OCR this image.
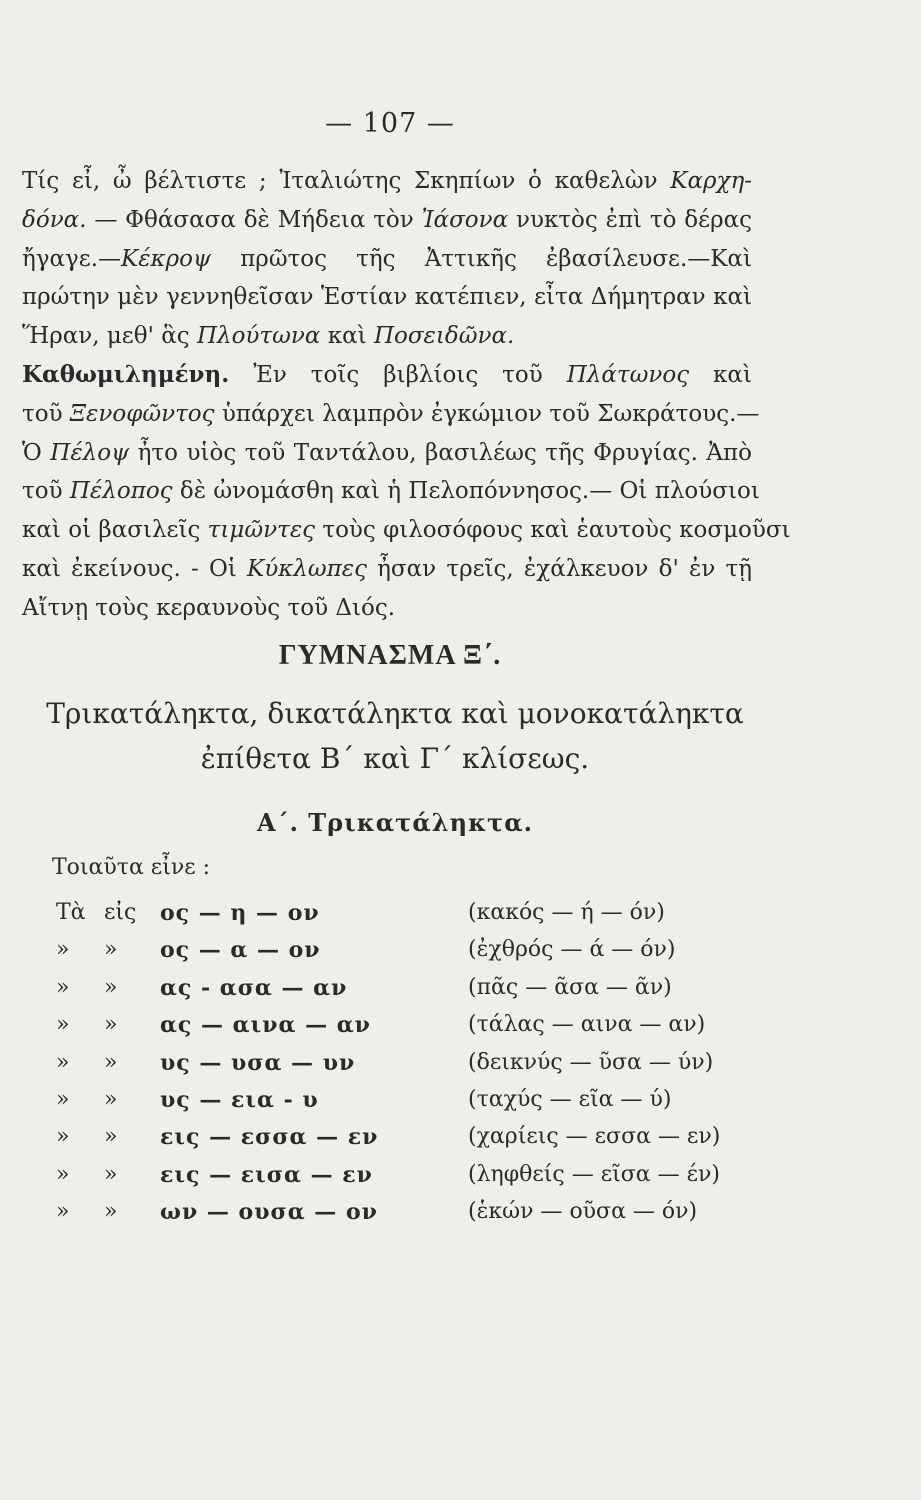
— 107 —
Τίς εἶ, ὦ βέλτιστε ; Ἰταλιώτης Σκηπίων ὁ καθελὼν Καρχη-
δόνα. — Φθάσασα δὲ Μήδεια τὸν Ἰάσονα νυκτὸς ἐπὶ τὸ δέρας
ἤγαγε.—Κέκροψ πρῶτος τῆς Ἀττικῆς ἐβασίλευσε.—Καὶ
πρώτην μὲν γεννηθεῖσαν Ἑστίαν κατέπιεν, εἶτα Δήμητραν καὶ
Ἥραν, μεθ' ἃς Πλούτωνα καὶ Ποσειδῶνα.
Καθωμιλημένη. Ἐν τοῖς βιβλίοις τοῦ Πλάτωνος καὶ
τοῦ Ξενοφῶντος ὑπάρχει λαμπρὸν ἐγκώμιον τοῦ Σωκράτους.—
Ὁ Πέλοψ ἦτο υἱὸς τοῦ Ταντάλου, βασιλέως τῆς Φρυγίας. Ἀπὸ
τοῦ Πέλοπος δὲ ὠνομάσθη καὶ ἡ Πελοπόννησος.— Οἱ πλούσιοι
καὶ οἱ βασιλεῖς τιμῶντες τοὺς φιλοσόφους καὶ ἑαυτοὺς κοσμοῦσι
καὶ ἐκείνους. - Οἱ Κύκλωπες ἦσαν τρεῖς, ἐχάλκευον δ' ἐν τῇ
Αἴτνῃ τοὺς κεραυνοὺς τοῦ Διός.
ΓΥΜΝΑΣΜΑ Ξ΄.
Τρικατάληκτα, δικατάληκτα καὶ μονοκατάληκτα
ἐπίθετα Β΄ καὶ Γ΄ κλίσεως.
Α΄. Τρικατάληκτα.
Τοιαῦτα εἶνε :
Τὰ εἰς	ος — η — ον	(κακός — ή — όν)
»	»	ος — α — ον	(ἐχθρός — ά — όν)
»	»	ας - ασα — αν	(πᾶς — ᾶσα — ᾶν)
»	»	ας — αινα — αν	(τάλας — αινα — αν)
»	»	υς — υσα — υν	(δεικνύς — ῦσα — ύν)
»	»	υς — εια - υ	(ταχύς — εῖα — ύ)
»	»	εις — εσσα — εν	(χαρίεις — εσσα — εν)
»	»	εις — εισα — εν	(ληφθείς — εῖσα — έν)
»	»	ων — ουσα — ον	(ἑκών — οῦσα — όν)
